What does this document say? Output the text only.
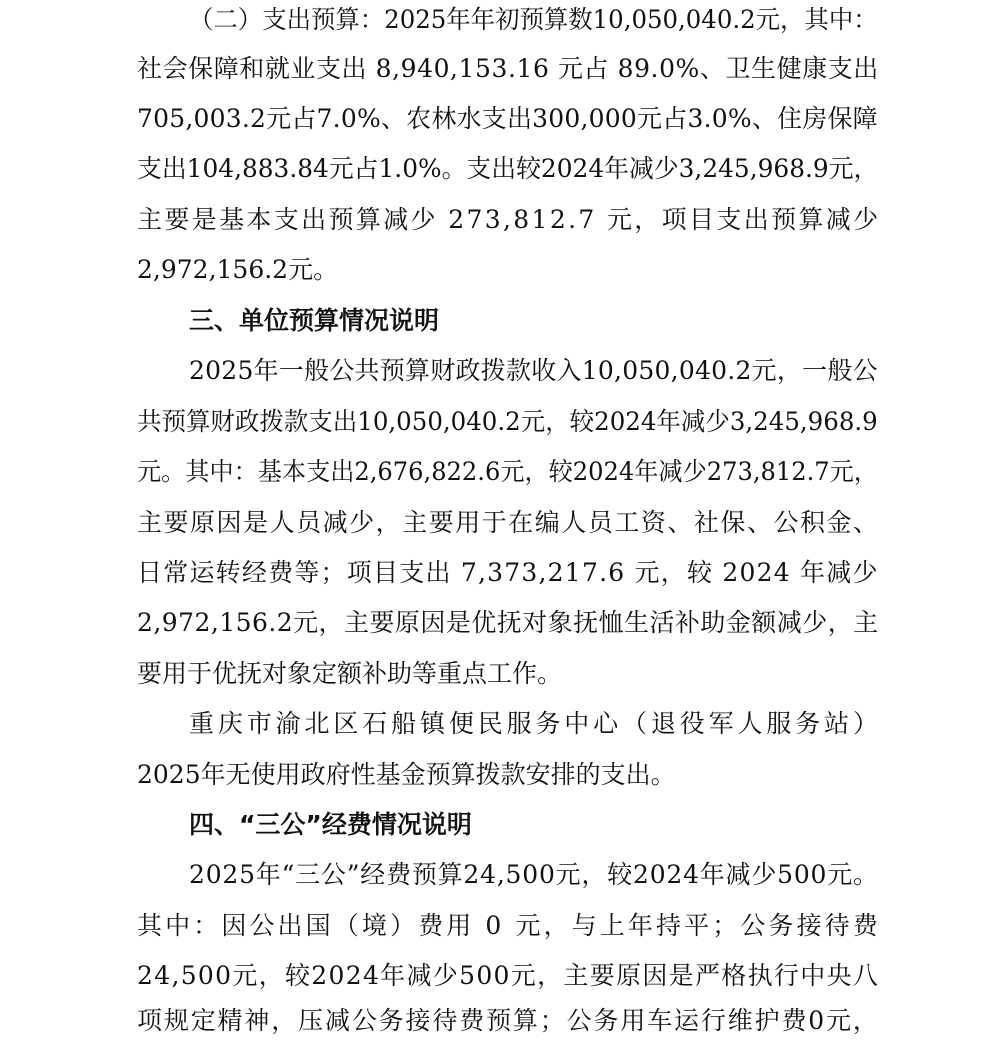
（二）支出预算：2025年年初预算数10,050,040.2元，其中：
社会保障和就业支出 8,940,153.16 元占 89.0%、卫生健康支出
705,003.2元占7.0%、农林水支出300,000元占3.0%、住房保障
支出104,883.84元占1.0%。支出较2024年减少3,245,968.9元，
主要是基本支出预算减少 273,812.7 元，项目支出预算减少
2,972,156.2元。
三、单位预算情况说明
2025年一般公共预算财政拨款收入10,050,040.2元，一般公
共预算财政拨款支出10,050,040.2元，较2024年减少3,245,968.9
元。其中：基本支出2,676,822.6元，较2024年减少273,812.7元，
主要原因是人员减少，主要用于在编人员工资、社保、公积金、
日常运转经费等；项目支出 7,373,217.6 元，较 2024 年减少
2,972,156.2元，主要原因是优抚对象抚恤生活补助金额减少，主
要用于优抚对象定额补助等重点工作。
重庆市渝北区石船镇便民服务中心（退役军人服务站）
2025年无使用政府性基金预算拨款安排的支出。
四、“三公”经费情况说明
2025年“三公”经费预算24,500元，较2024年减少500元。
其中：因公出国（境）费用 0 元，与上年持平；公务接待费
24,500元，较2024年减少500元，主要原因是严格执行中央八
项规定精神，压减公务接待费预算；公务用车运行维护费0元，
